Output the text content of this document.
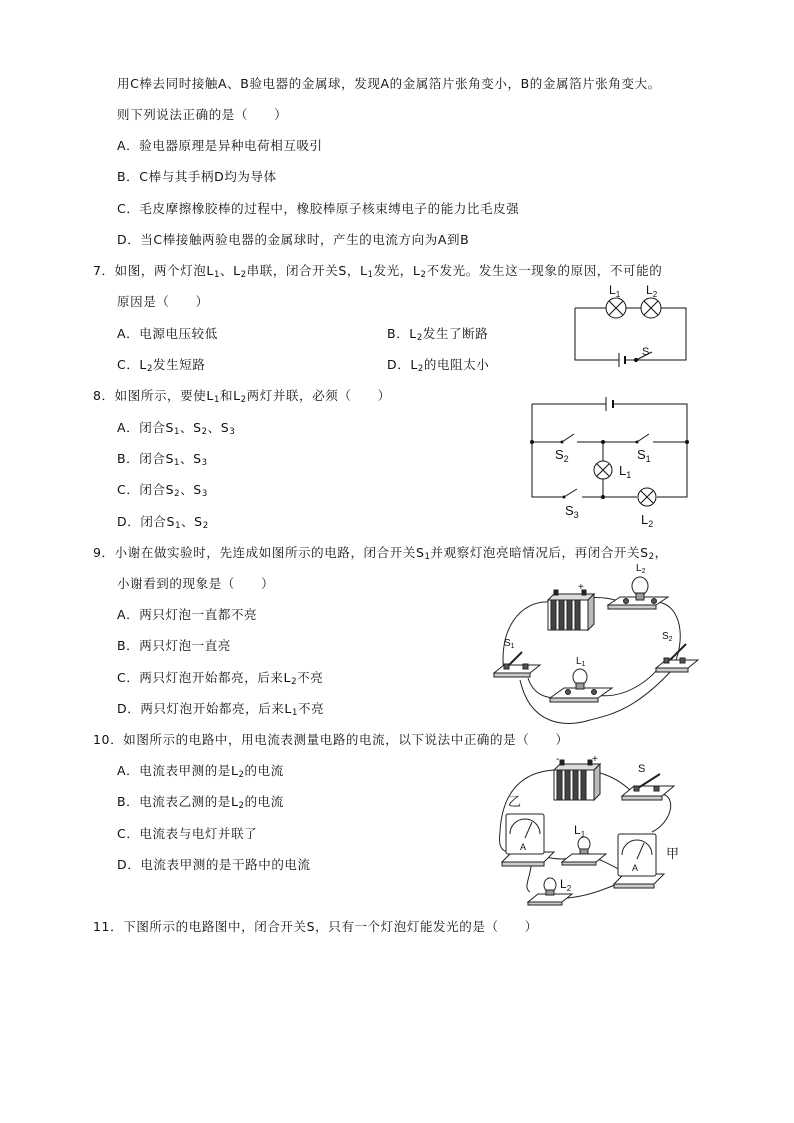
用C棒去同时接触A、B验电器的金属球，发现A的金属箔片张角变小，B的金属箔片张角变大。
则下列说法正确的是（　　）
A．验电器原理是异种电荷相互吸引
B．C棒与其手柄D均为导体
C．毛皮摩擦橡胶棒的过程中，橡胶棒原子核束缚电子的能力比毛皮强
D．当C棒接触两验电器的金属球时，产生的电流方向为A到B
7．如图，两个灯泡$L_1$、$L_2$串联，闭合开关S，$L_1$发光，$L_2$不发光。发生这一现象的原因，不可能的
原因是（　　）
A．电源电压较低	B．$L_2$发生了断路
C．$L_2$发生短路	D．$L_2$的电阻太小
$L_1$ $L_2$
S
8．如图所示，要使$L_1$和$L_2$两灯并联，必须（　　）
A．闭合$S_1$、$S_2$、$S_3$
B．闭合$S_1$、$S_3$
C．闭合$S_2$、$S_3$
D．闭合$S_1$、$S_2$
$S_2$	$S_1$
$L_1$
$S_3$	$L_2$
9．小谢在做实验时，先连成如图所示的电路，闭合开关$S_1$并观察灯泡亮暗情况后，再闭合开关$S_2$，
小谢看到的现象是（　　）
A．两只灯泡一直都不亮
B．两只灯泡一直亮
C．两只灯泡开始都亮，后来$L_2$不亮
D．两只灯泡开始都亮，后来$L_1$不亮
+
$L_2$
$S_1$
$L_1$
$S_2$
10．如图所示的电路中，用电流表测量电路的电流，以下说法中正确的是（　　）
A．电流表甲测的是$L_2$的电流
B．电流表乙测的是$L_2$的电流
C．电流表与电灯并联了
D．电流表甲测的是干路中的电流
-	+
S
A
乙
$L_1$
A
甲
$L_2$
11．下图所示的电路图中，闭合开关S，只有一个灯泡灯能发光的是（　　）
